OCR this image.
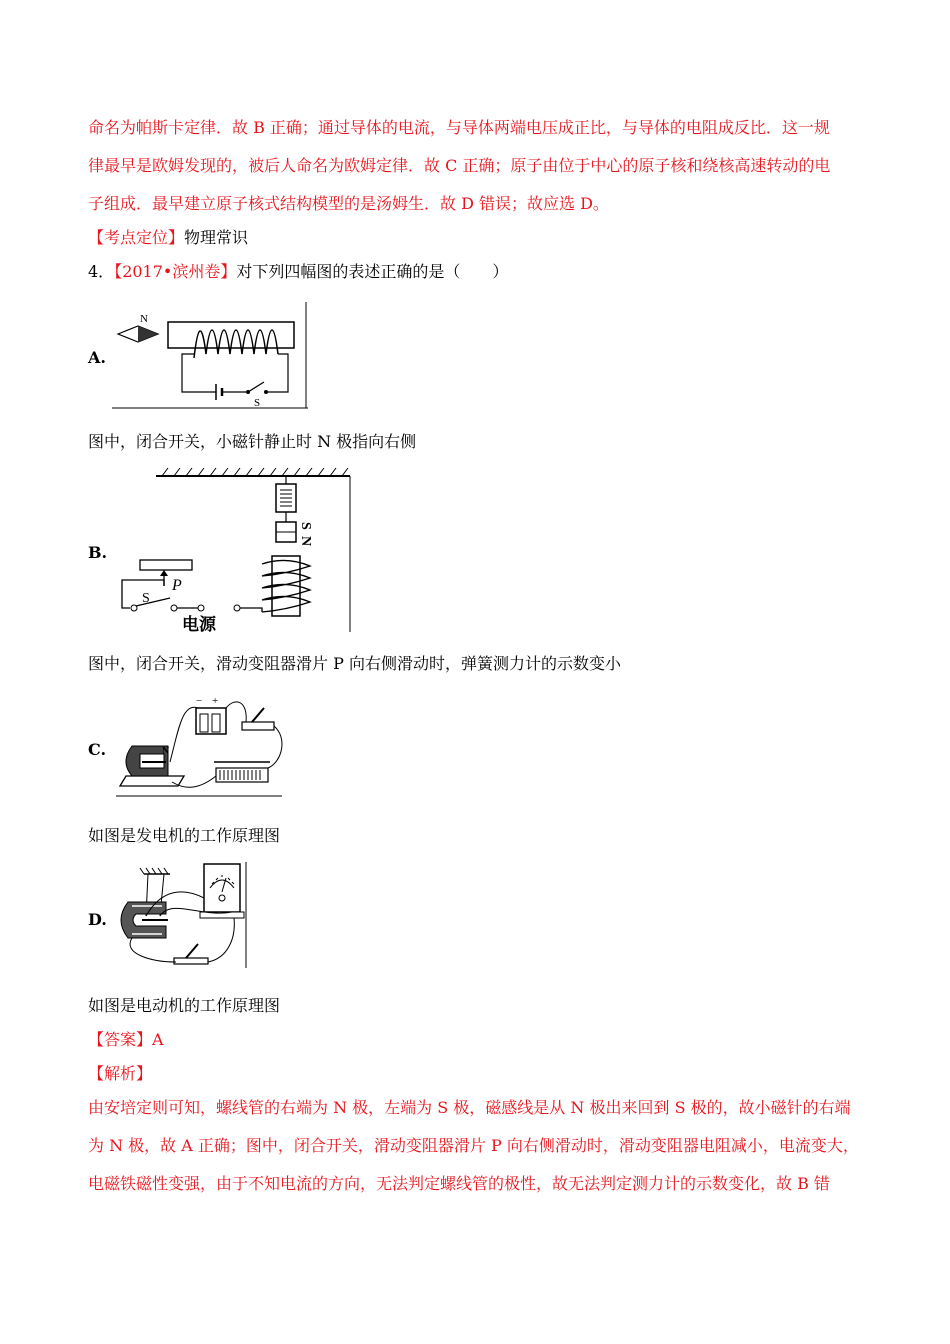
命名为帕斯卡定律．故 B 正确；通过导体的电流，与导体两端电压成正比，与导体的电阻成反比．这一规
律最早是欧姆发现的，被后人命名为欧姆定律．故 C 正确；原子由位于中心的原子核和绕核高速转动的电
子组成．最早建立原子核式结构模型的是汤姆生．故 D 错误；故应选 D。
【考点定位】物理常识
4．【2017•滨州卷】对下列四幅图的表述正确的是（　　）
A.
N
S
图中，闭合开关，小磁针静止时 N 极指向右侧
B.
S
N
P
S
电源
图中，闭合开关，滑动变阻器滑片 P 向右侧滑动时，弹簧测力计的示数变小
C.	N
− +
如图是发电机的工作原理图
D.
如图是电动机的工作原理图
【答案】A
【解析】
由安培定则可知，螺线管的右端为 N 极，左端为 S 极，磁感线是从 N 极出来回到 S 极的，故小磁针的右端
为 N 极，故 A 正确；图中，闭合开关，滑动变阻器滑片 P 向右侧滑动时，滑动变阻器电阻减小，电流变大，
电磁铁磁性变强，由于不知电流的方向，无法判定螺线管的极性，故无法判定测力计的示数变化，故 B 错
